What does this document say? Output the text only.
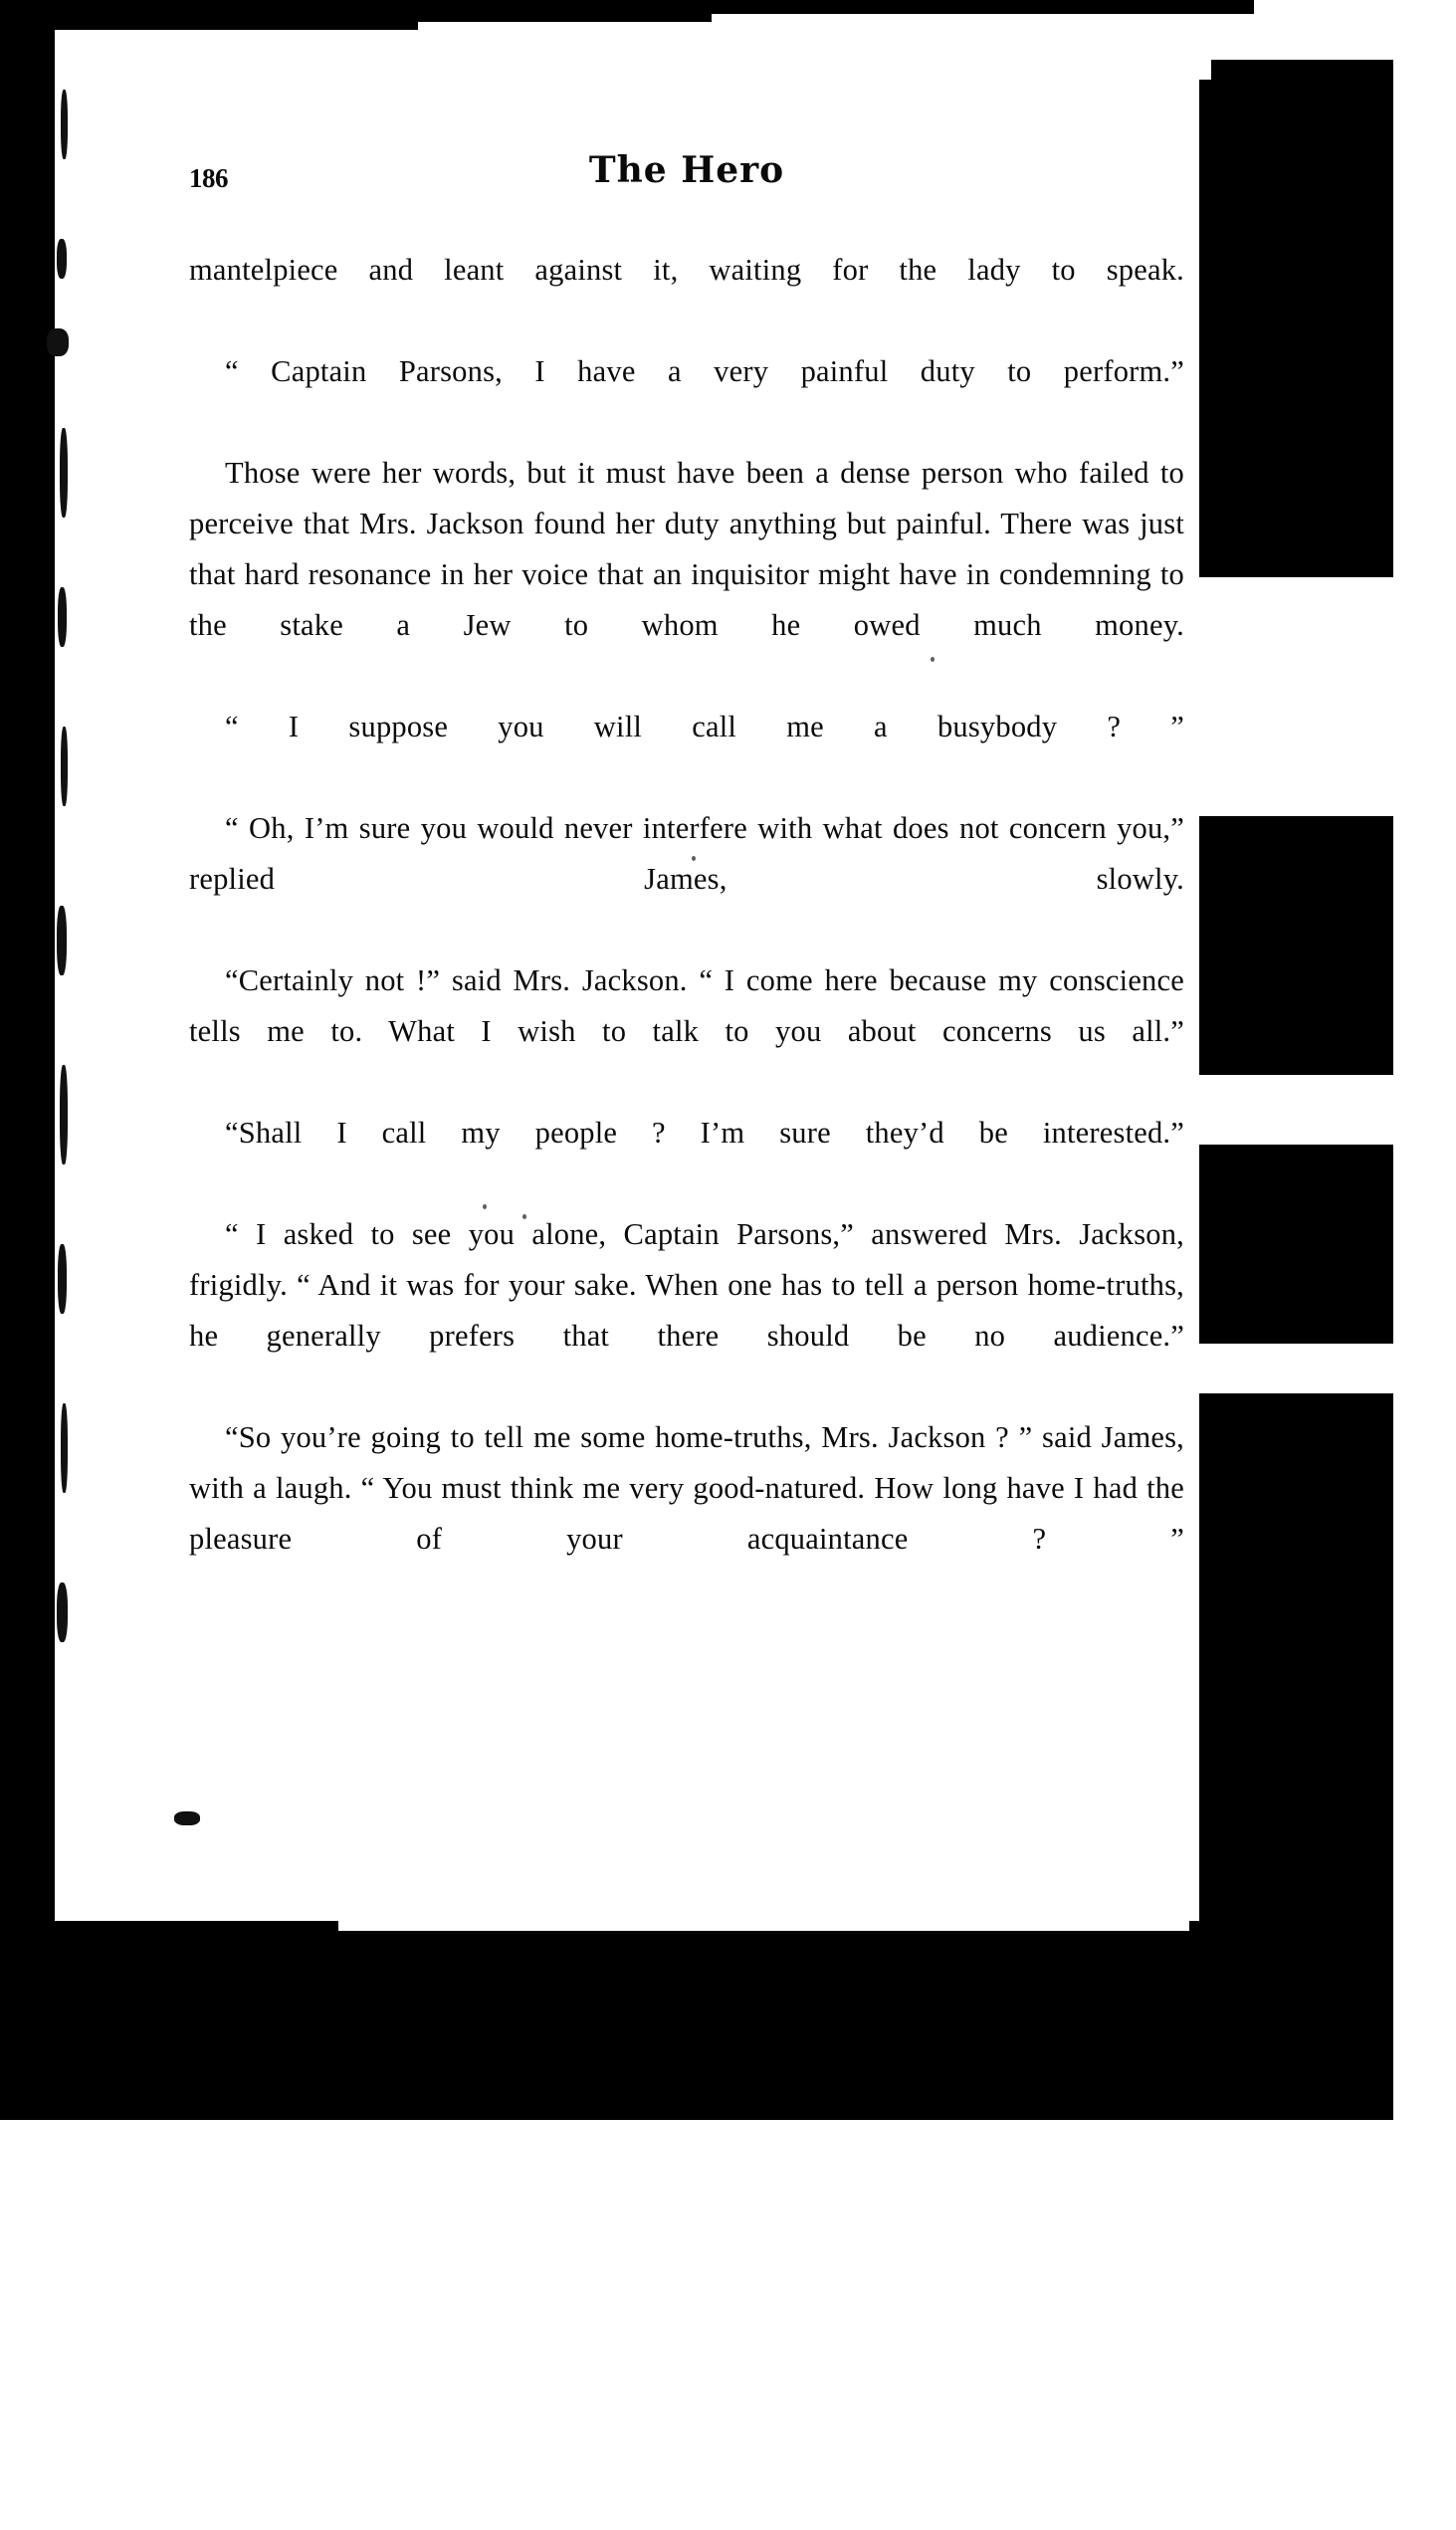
186	The Hero

mantelpiece and leant against it, waiting for the lady to speak.

“ Captain Parsons, I have a very painful duty to perform.”

Those were her words, but it must have been a dense person who failed to perceive that Mrs. Jackson found her duty anything but painful. There was just that hard resonance in her voice that an inquisitor might have in condemning to the stake a Jew to whom he owed much money.

“ I suppose you will call me a busybody ? ”

“ Oh, I’m sure you would never interfere with what does not concern you,” replied James, slowly.

“Certainly not !” said Mrs. Jackson. “ I come here because my conscience tells me to. What I wish to talk to you about concerns us all.”

“Shall I call my people ? I’m sure they’d be interested.”

“ I asked to see you alone, Captain Parsons,” answered Mrs. Jackson, frigidly. “ And it was for your sake. When one has to tell a person home-truths, he generally prefers that there should be no audience.”

“So you’re going to tell me some home-truths, Mrs. Jackson ? ” said James, with a laugh. “ You must think me very good-natured. How long have I had the pleasure of your acquaintance ? ”
